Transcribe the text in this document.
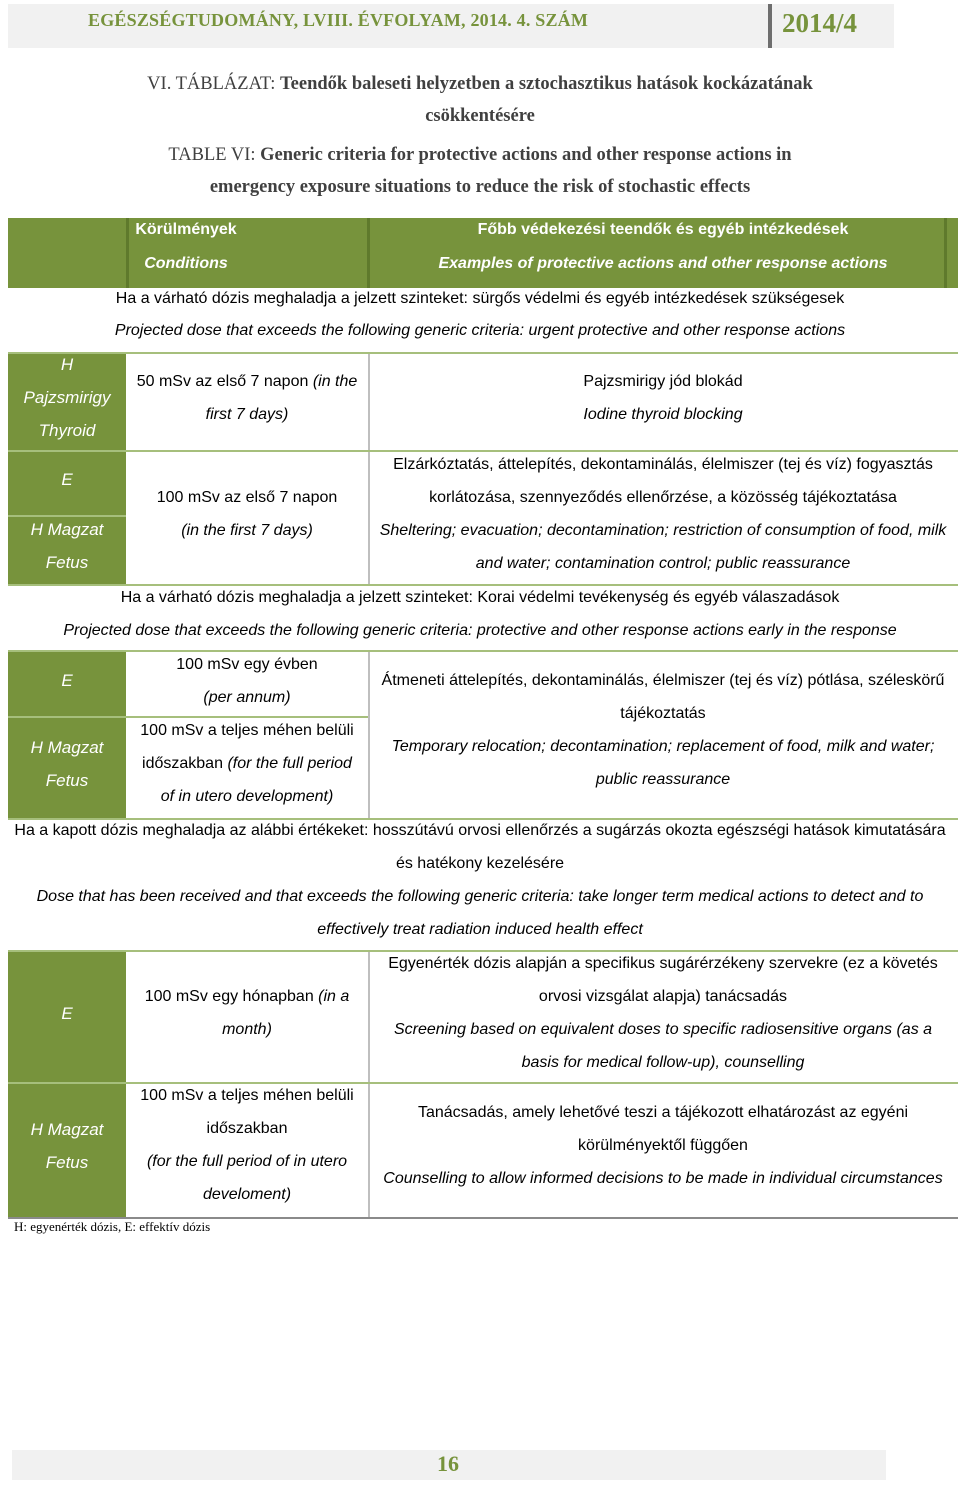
EGÉSZSÉGTUDOMÁNY, LVIII. ÉVFOLYAM, 2014. 4. SZÁM	2014/4
VI. TÁBLÁZAT: Teendők baleseti helyzetben a sztochasztikus hatások kockázatának
csökkentésére
TABLE VI: Generic criteria for protective actions and other response actions in
emergency exposure situations to reduce the risk of stochastic effects
Körülmények
Conditions
Főbb védekezési teendők és egyéb intézkedések
Examples of protective actions and other response actions
Ha a várható dózis meghaladja a jelzett szinteket: sürgős védelmi és egyéb intézkedések szükségesek
Projected dose that exceeds the following generic criteria: urgent protective and other response actions
H
Pajzsmirigy
Thyroid
E
H Magzat
Fetus
50 mSv az első 7 napon (in the
first 7 days)
Pajzsmirigy jód blokád
Iodine thyroid blocking
100 mSv az első 7 napon
(in the first 7 days)
Elzárkóztatás, áttelepítés, dekontaminálás, élelmiszer (tej és víz) fogyasztás
korlátozása, szennyeződés ellenőrzése, a közösség tájékoztatása
Sheltering; evacuation; decontamination; restriction of consumption of food, milk
and water; contamination control; public reassurance
Ha a várható dózis meghaladja a jelzett szinteket: Korai védelmi tevékenység és egyéb válaszadások
Projected dose that exceeds the following generic criteria: protective and other response actions early in the response
E
H Magzat
Fetus
100 mSv egy évben
(per annum)
100 mSv a teljes méhen belüli
időszakban (for the full period
of in utero development)
Átmeneti áttelepítés, dekontaminálás, élelmiszer (tej és víz) pótlása, széleskörű
tájékoztatás
Temporary relocation; decontamination; replacement of food, milk and water;
public reassurance
Ha a kapott dózis meghaladja az alábbi értékeket: hosszútávú orvosi ellenőrzés a sugárzás okozta egészségi hatások kimutatására
és hatékony kezelésére
Dose that has been received and that exceeds the following generic criteria: take longer term medical actions to detect and to
effectively treat radiation induced health effect
E
H Magzat
Fetus
100 mSv egy hónapban (in a
month)
Egyenérték dózis alapján a specifikus sugárérzékeny szervekre (ez a követés
orvosi vizsgálat alapja) tanácsadás
Screening based on equivalent doses to specific radiosensitive organs (as a
basis for medical follow-up), counselling
100 mSv a teljes méhen belüli
időszakban
(for the full period of in utero
develoment)
Tanácsadás, amely lehetővé teszi a tájékozott elhatározást az egyéni
körülményektől függően
Counselling to allow informed decisions to be made in individual circumstances
H: egyenérték dózis, E: effektív dózis
16
